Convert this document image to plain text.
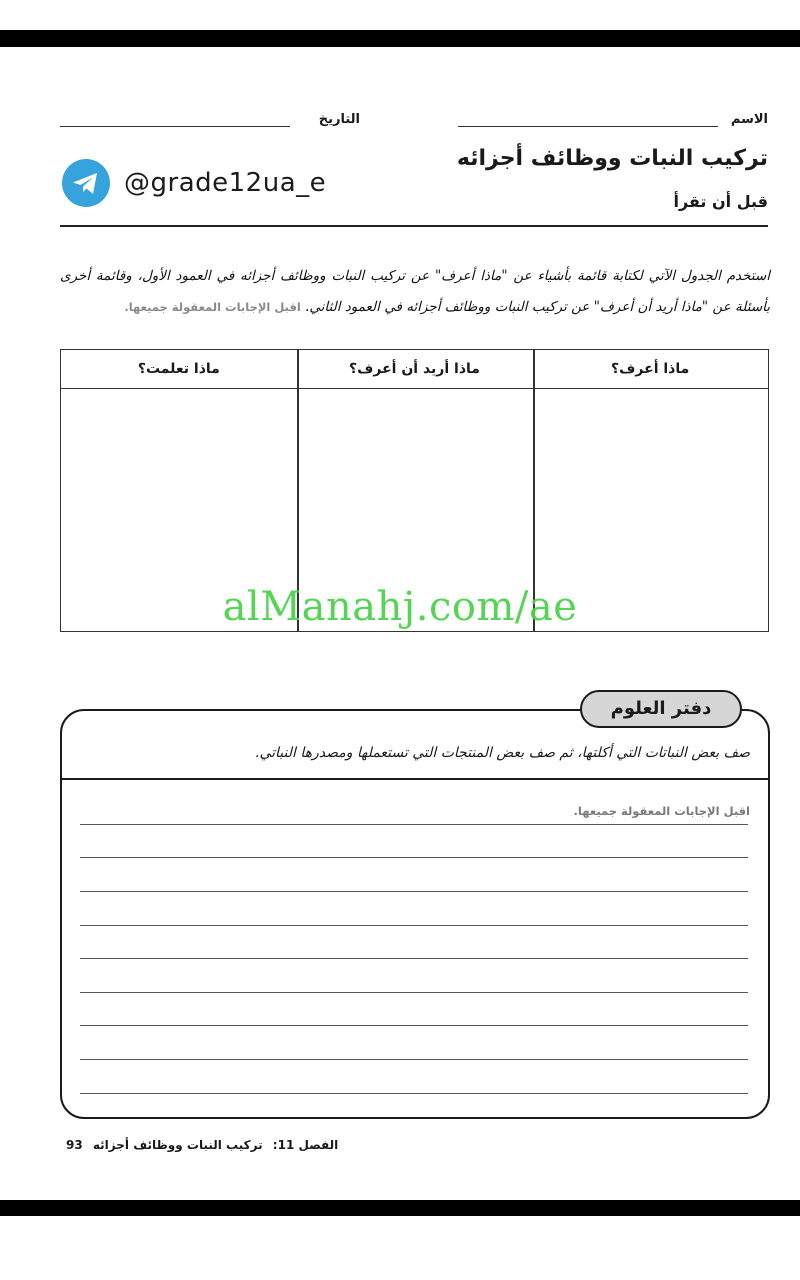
الاسم
التاريخ
تركيب النبات ووظائف أجزائه
قبل أن تقرأ
@grade12ua_e

استخدم الجدول الآتي لكتابة قائمة بأشياء عن "ماذا أعرف" عن تركيب النبات ووظائف أجزائه في العمود الأول، وقائمة أخرى بأسئلة عن "ماذا أريد أن أعرف" عن تركيب النبات ووظائف أجزائه في العمود الثاني. اقبل الإجابات المعقولة جميعها.

ماذا أعرف؟
ماذا أريد أن أعرف؟
ماذا تعلمت؟
alManahj.com/ae
دفتر العلوم

صف بعض النباتات التي أكلتها، ثم صف بعض المنتجات التي تستعملها ومصدرها النباتي.

اقبل الإجابات المعقولة جميعها.

الفصل 11: تركيب النبات ووظائف أجزائه 93
